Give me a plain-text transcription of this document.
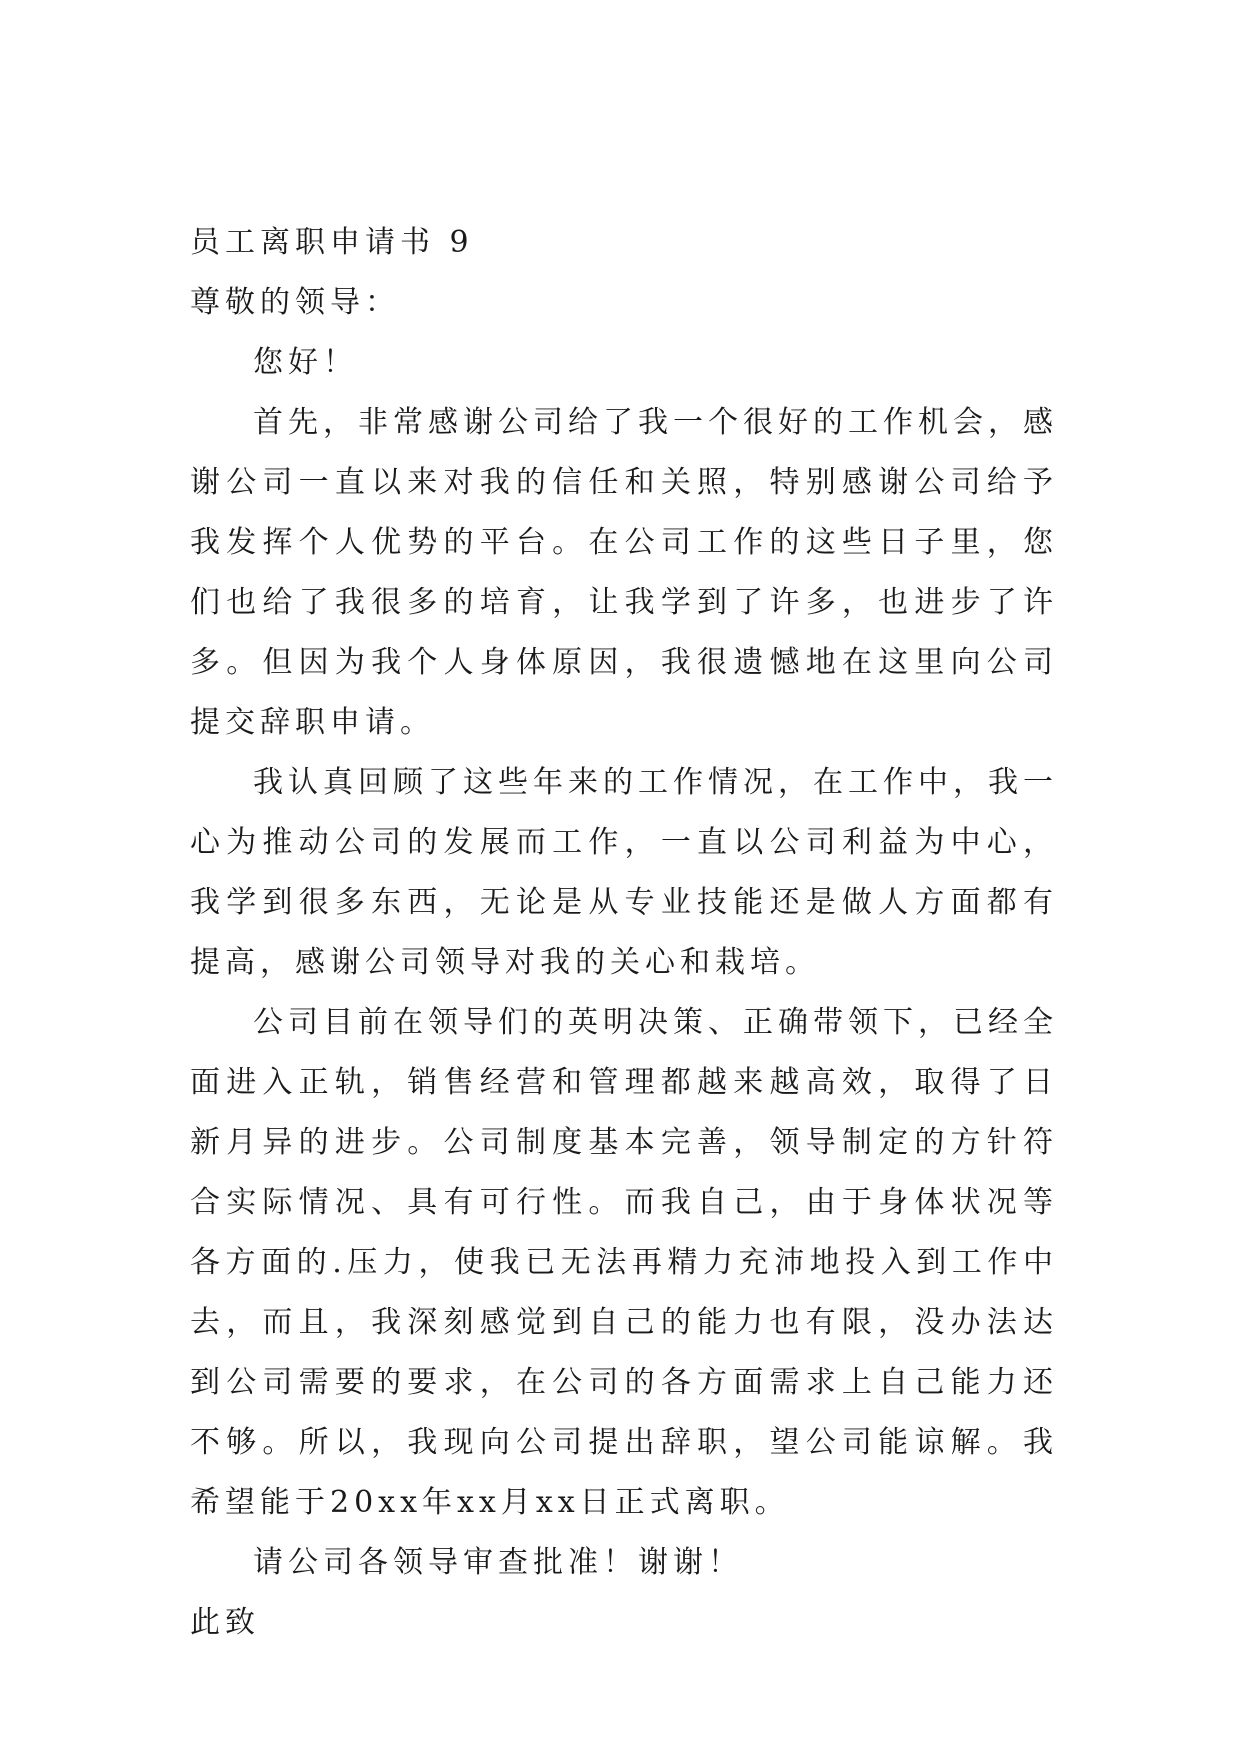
员工离职申请书 9

尊敬的领导：

您好！

首先，非常感谢公司给了我一个很好的工作机会，感谢公司一直以来对我的信任和关照，特别感谢公司给予我发挥个人优势的平台。在公司工作的这些日子里，您们也给了我很多的培育，让我学到了许多，也进步了许多。但因为我个人身体原因，我很遗憾地在这里向公司提交辞职申请。

我认真回顾了这些年来的工作情况，在工作中，我一心为推动公司的发展而工作，一直以公司利益为中心，我学到很多东西，无论是从专业技能还是做人方面都有提高，感谢公司领导对我的关心和栽培。

公司目前在领导们的英明决策、正确带领下，已经全面进入正轨，销售经营和管理都越来越高效，取得了日新月异的进步。公司制度基本完善，领导制定的方针符合实际情况、具有可行性。而我自己，由于身体状况等各方面的.压力，使我已无法再精力充沛地投入到工作中去，而且，我深刻感觉到自己的能力也有限，没办法达到公司需要的要求，在公司的各方面需求上自己能力还不够。所以，我现向公司提出辞职，望公司能谅解。我希望能于20xx年xx月xx日正式离职。

请公司各领导审查批准！谢谢！

此致
